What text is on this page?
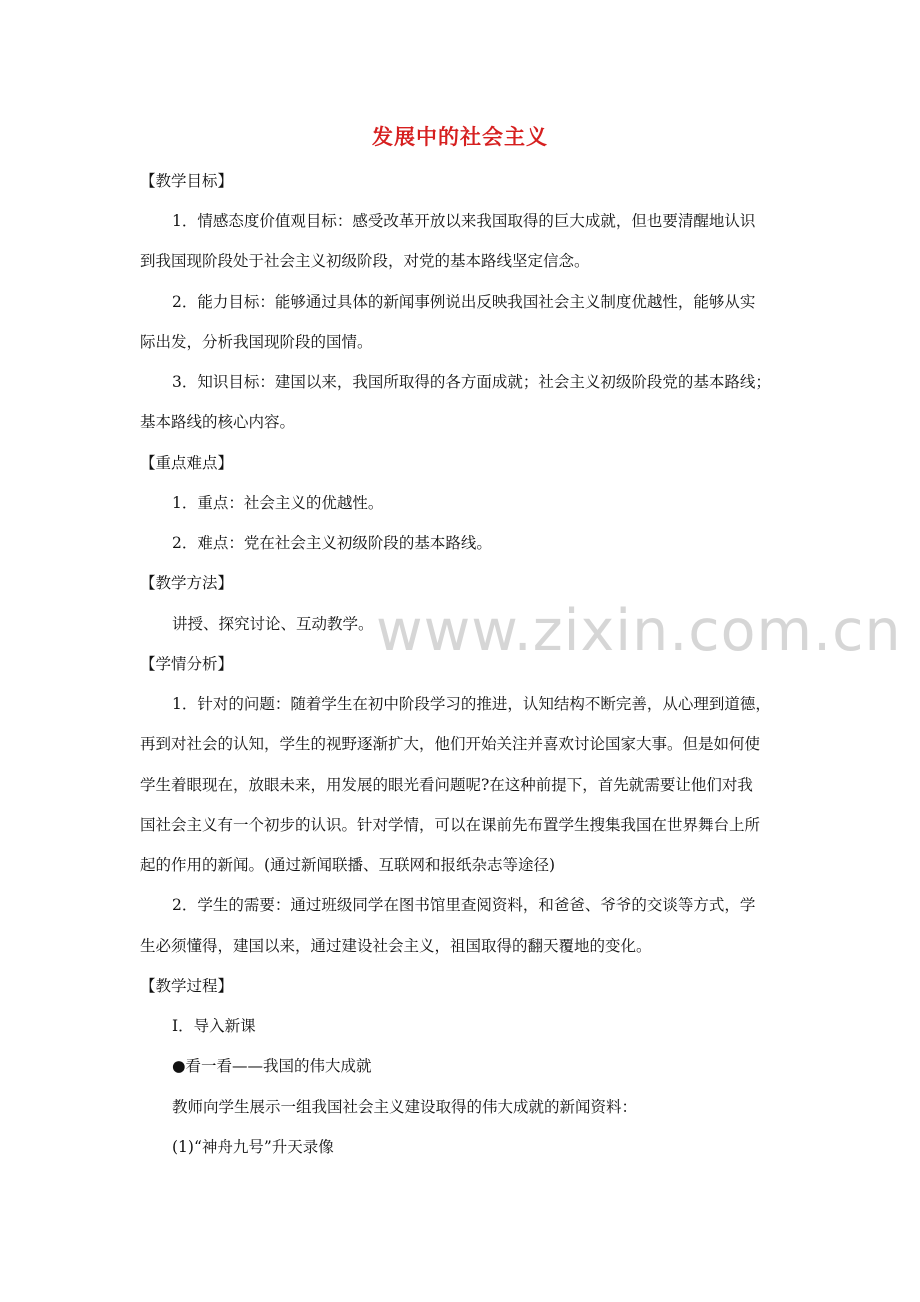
www.zixin.com.cn
发展中的社会主义
【教学目标】
1．情感态度价值观目标：感受改革开放以来我国取得的巨大成就，但也要清醒地认识
到我国现阶段处于社会主义初级阶段，对党的基本路线坚定信念。
2．能力目标：能够通过具体的新闻事例说出反映我国社会主义制度优越性，能够从实
际出发，分析我国现阶段的国情。
3．知识目标：建国以来，我国所取得的各方面成就；社会主义初级阶段党的基本路线；
基本路线的核心内容。
【重点难点】
1．重点：社会主义的优越性。
2．难点：党在社会主义初级阶段的基本路线。
【教学方法】
讲授、探究讨论、互动教学。
【学情分析】
1．针对的问题：随着学生在初中阶段学习的推进，认知结构不断完善，从心理到道德，
再到对社会的认知，学生的视野逐渐扩大，他们开始关注并喜欢讨论国家大事。但是如何使
学生着眼现在，放眼未来，用发展的眼光看问题呢?在这种前提下，首先就需要让他们对我
国社会主义有一个初步的认识。针对学情，可以在课前先布置学生搜集我国在世界舞台上所
起的作用的新闻。(通过新闻联播、互联网和报纸杂志等途径)
2．学生的需要：通过班级同学在图书馆里查阅资料，和爸爸、爷爷的交谈等方式，学
生必须懂得，建国以来，通过建设社会主义，祖国取得的翻天覆地的变化。
【教学过程】
Ⅰ．导入新课
●看一看——我国的伟大成就
教师向学生展示一组我国社会主义建设取得的伟大成就的新闻资料：
(1)“神舟九号”升天录像
